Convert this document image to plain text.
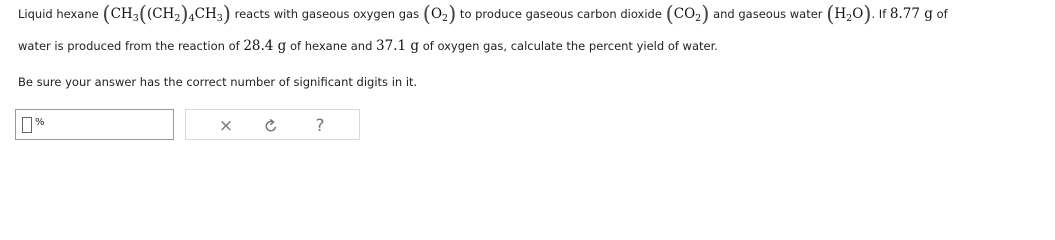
Liquid hexane ($CH_3((CH_2)_4CH_3)$ reacts with gaseous oxygen gas $(O_2)$ to produce gaseous carbon dioxide $(CO_2)$ and gaseous water $(H_2O)$. If 8.77 g of
water is produced from the reaction of 28.4 g of hexane and 37.1 g of oxygen gas, calculate the percent yield of water.
Be sure your answer has the correct number of significant digits in it.
%	×	?
